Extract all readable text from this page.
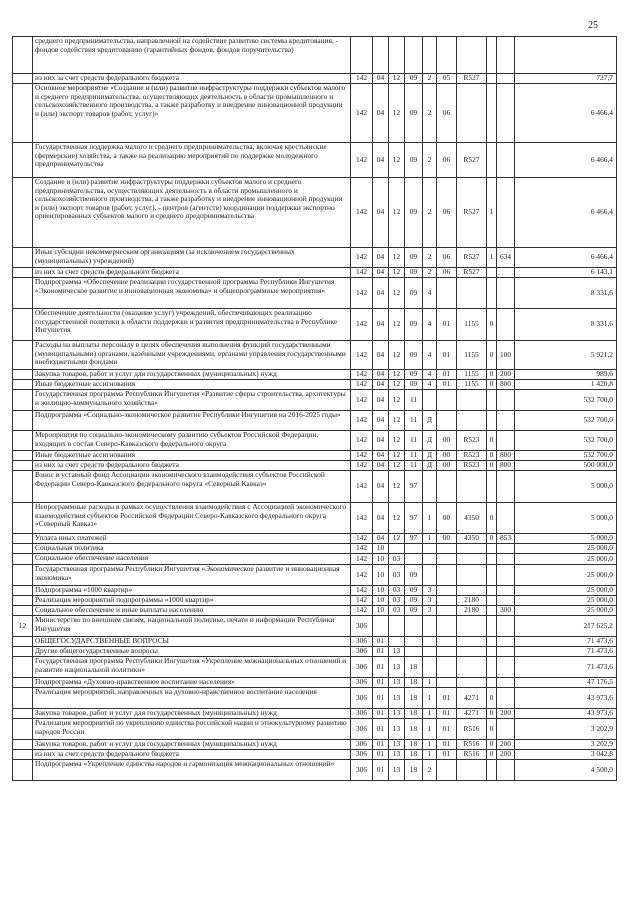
25
	среднего предпринимательства, направленной на содействие развитию системы кредитования, - фондов содействия кредитованию (гарантийных фондов, фондов поручительства)										
	из них за счет средств федерального бюджета	142	04	12	09	2	05	R527			727,7
	Основное мероприятие «Создание и (или) развитие инфраструктуры поддержки субъектов малого и среднего предпринимательства, осуществляющих деятельность в области промышленного и сельскохозяйственного производства, а также разработку и внедрение инновационной продукции и (или) экспорт товаров (работ, услуг)»	142	04	12	09	2	06				6 466,4
	Государственная поддержка малого и среднего предпринимательства, включая крестьянские (фермерские) хозяйства, а также на реализацию мероприятий по поддержке молодежного предпринимательства	142	04	12	09	2	06	R527			6 466,4
	Создание и (или) развитие инфраструктуры поддержки субъектов малого и среднего предпринимательства, осуществляющих деятельность в области промышленного и сельскохозяйственного производства, а также разработку и внедрение инновационной продукции и (или) экспорт товаров (работ, услуг), - центров (агентств) координации поддержки экспортно ориентированных субъектов малого и среднего предпринимательства	142	04	12	09	2	06	R527	1		6 466,4
	Иные субсидии некоммерческим организациям (за исключением государственных (муниципальных) учреждений)	142	04	12	09	2	06	R527	1	634	6 466,4
	из них за счет средств федерального бюджета	142	04	12	09	2	06	R527			6 143,1
	Подпрограмма «Обеспечение реализации государственной программы Республики Ингушетия «Экономическое развитие и инновационная экономика» и общепрограммные мероприятия»	142	04	12	09	4					8 331,6
	Обеспечение деятельности (оказание услуг) учреждений, обеспечивающих реализацию государственной политики в области поддержки и развития предпринимательства в Республике Ингушетия	142	04	12	09	4	01	1155	0		8 331,6
	Расходы на выплаты персоналу в целях обеспечения выполнения функций государственными (муниципальными) органами, казёнными учреждениями, органами управления государственными внебюджетными фондами	142	04	12	09	4	01	1155	0	100	5 921,2
	Закупка товаров, работ и услуг для государственных (муниципальных) нужд	142	04	12	09	4	01	1155	0	200	989,6
	Иные бюджетные ассигнования	142	04	12	09	4	01	1155	0	800	1 420,8
	Государственная программа Республики Ингушетия «Развитие сферы строительства, архитектуры и жилищно-коммунального хозяйства»	142	04	12	11						532 700,0
	Подпрограмма «Социально-экономическое развитие Республики Ингушетия на 2016-2025 годы»	142	04	12	11	Д					532 700,0
	Мероприятия по социально-экономическому развитию субъектов Российской Федерации, входящих в состав Северо-Кавказского федерального округа	142	04	12	11	Д	00	R523	0		532 700,0
	Иные бюджетные ассигнования	142	04	12	11	Д	00	R523	0	800	532 700,0
	из них за счет средств федерального бюджета	142	04	12	11	Д	00	R523	0	800	500 000,0
	Взнос в уставный фонд Ассоциации экономического взаимодействия субъектов Российской Федерации Северо-Кавказского федерального округа «Северный Кавказ»	142	04	12	97						5 000,0
	Непрограммные расходы в рамках осуществления взаимодействия с Ассоциацией экономического взаимодействия субъектов Российской Федерации Северо-Кавказского федерального округа «Северный Кавказ»	142	04	12	97	1	00	4350	0		5 000,0
	Уплата иных платежей	142	04	12	97	1	00	4350	0	853	5 000,0
	Социальная политика	142	10								25 000,0
	Социальное обеспечение населения	142	10	03							25 000,0
	Государственная программа Республики Ингушетия «Экономическое развитие и инновационная экономика»	142	10	03	09						25 000,0
	Подпрограмма «1000 квартир»	142	10	03	09	3					25 000,0
	Реализация мероприятий подпрограммы «1000 квартир»	142	10	03	09	3		2180			25 000,0
	Социальное обеспечение и иные выплаты населению	142	10	03	09	3		2180		300	25 000,0
12	Министерство по внешним связям, национальной политике, печати и информации Республики Ингушетия	306									217 625,2
	ОБЩЕГОСУДАРСТВЕННЫЕ ВОПРОСЫ	306	01								71 473,6
	Другие общегосударственные вопросы	306	01	13							71 473,6
	Государственная программа Республики Ингушетия «Укрепление межнациональных отношений и развитие национальной политики»	306	01	13	18						71 473,6
	Подпрограмма «Духовно-нравственное воспитание населения»	306	01	13	18	1					47 176,5
	Реализация мероприятий, направленных на духовно-нравственное воспитание населения	306	01	13	18	1	01	4271	0		43 973,6
	Закупка товаров, работ и услуг для государственных (муниципальных) нужд	306	01	13	18	1	01	4271	0	200	43 973,6
	Реализация мероприятий по укреплению единства российской нации и этнокультурному развитию народов России	306	01	13	18	1	01	R516	0		3 202,9
	Закупка товаров, работ и услуг для государственных (муниципальных) нужд	306	01	13	18	1	01	R516	0	200	3 202,9
	из них за счет средств федерального бюджета	306	01	13	18	1	01	R516	0	200	3 042,8
	Подпрограмма «Укрепление единства народов и гармонизация межнациональных отношений»	306	01	13	18	2					4 500,0
